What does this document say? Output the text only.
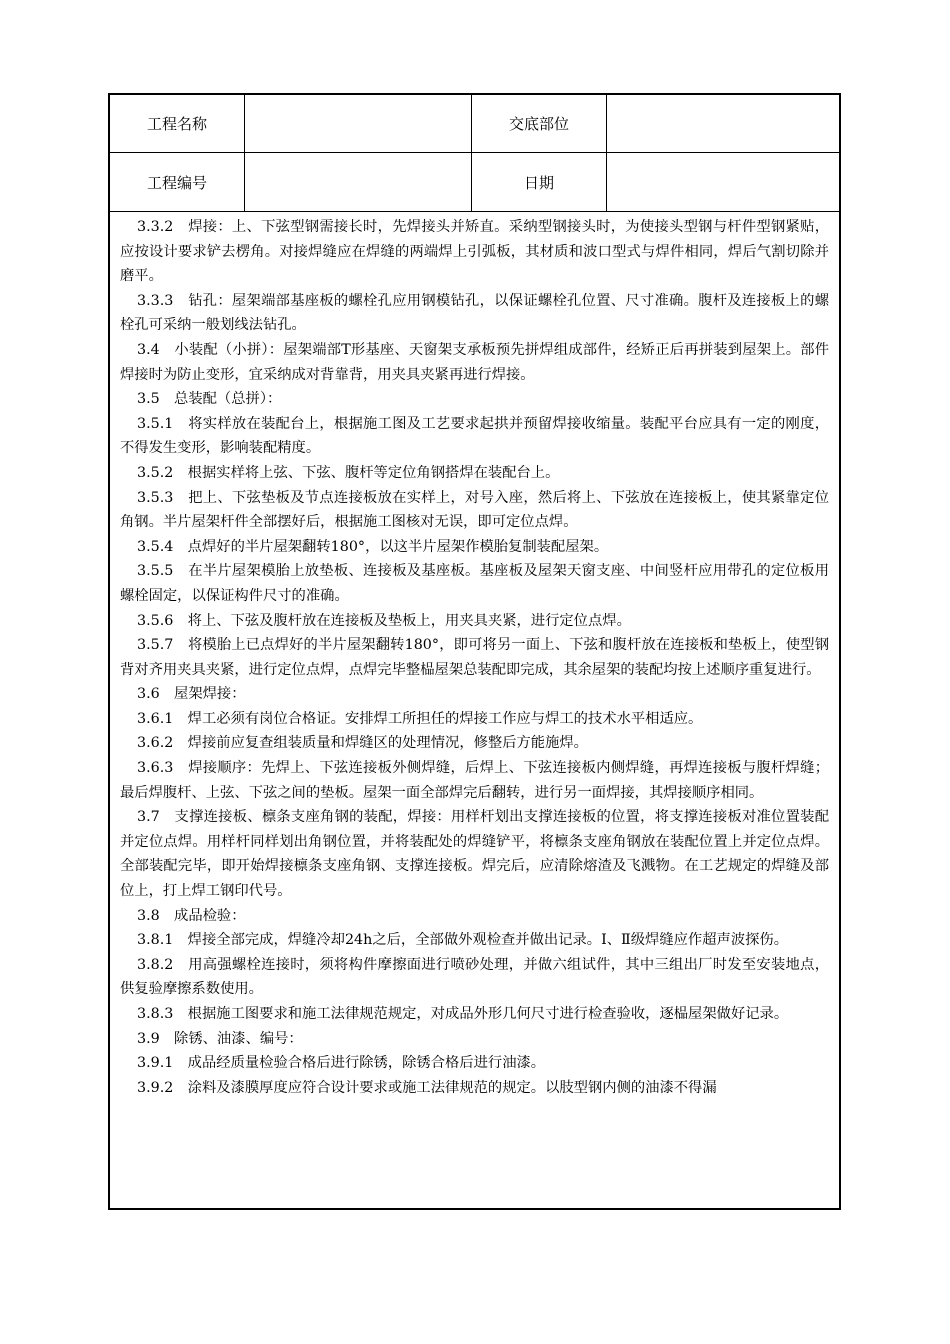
工程名称	交底部位
工程编号	日期

3.3.2　焊接：上、下弦型钢需接长时，先焊接头并矫直。采纳型钢接头时，为使接头型钢与杆件型钢紧贴，应按设计要求铲去楞角。对接焊缝应在焊缝的两端焊上引弧板，其材质和波口型式与焊件相同，焊后气割切除并磨平。

3.3.3　钻孔：屋架端部基座板的螺栓孔应用钢模钻孔，以保证螺栓孔位置、尺寸准确。腹杆及连接板上的螺栓孔可采纳一般划线法钻孔。

3.4　小装配（小拼）：屋架端部T形基座、天窗架支承板预先拼焊组成部件，经矫正后再拼装到屋架上。部件焊接时为防止变形，宜采纳成对背靠背，用夹具夹紧再进行焊接。

3.5　总装配（总拼）：

3.5.1　将实样放在装配台上，根据施工图及工艺要求起拱并预留焊接收缩量。装配平台应具有一定的刚度，不得发生变形，影响装配精度。

3.5.2　根据实样将上弦、下弦、腹杆等定位角钢搭焊在装配台上。

3.5.3　把上、下弦垫板及节点连接板放在实样上，对号入座，然后将上、下弦放在连接板上，使其紧靠定位角钢。半片屋架杆件全部摆好后，根据施工图核对无误，即可定位点焊。

3.5.4　点焊好的半片屋架翻转180°，以这半片屋架作模胎复制装配屋架。

3.5.5　在半片屋架模胎上放垫板、连接板及基座板。基座板及屋架天窗支座、中间竖杆应用带孔的定位板用螺栓固定，以保证构件尺寸的准确。

3.5.6　将上、下弦及腹杆放在连接板及垫板上，用夹具夹紧，进行定位点焊。

3.5.7　将模胎上已点焊好的半片屋架翻转180°，即可将另一面上、下弦和腹杆放在连接板和垫板上，使型钢背对齐用夹具夹紧，进行定位点焊，点焊完毕整榀屋架总装配即完成，其余屋架的装配均按上述顺序重复进行。

3.6　屋架焊接：

3.6.1　焊工必须有岗位合格证。安排焊工所担任的焊接工作应与焊工的技术水平相适应。

3.6.2　焊接前应复查组装质量和焊缝区的处理情况，修整后方能施焊。

3.6.3　焊接顺序：先焊上、下弦连接板外侧焊缝，后焊上、下弦连接板内侧焊缝，再焊连接板与腹杆焊缝；最后焊腹杆、上弦、下弦之间的垫板。屋架一面全部焊完后翻转，进行另一面焊接，其焊接顺序相同。

3.7　支撑连接板、檩条支座角钢的装配，焊接：用样杆划出支撑连接板的位置，将支撑连接板对准位置装配并定位点焊。用样杆同样划出角钢位置，并将装配处的焊缝铲平，将檩条支座角钢放在装配位置上并定位点焊。全部装配完毕，即开始焊接檩条支座角钢、支撑连接板。焊完后，应清除熔渣及飞溅物。在工艺规定的焊缝及部位上，打上焊工钢印代号。

3.8　成品检验：

3.8.1　焊接全部完成，焊缝冷却24h之后，全部做外观检查并做出记录。Ⅰ、Ⅱ级焊缝应作超声波探伤。

3.8.2　用高强螺栓连接时，须将构件摩擦面进行喷砂处理，并做六组试件，其中三组出厂时发至安装地点，供复验摩擦系数使用。

3.8.3　根据施工图要求和施工法律规范规定，对成品外形几何尺寸进行检查验收，逐榀屋架做好记录。

3.9　除锈、油漆、编号：

3.9.1　成品经质量检验合格后进行除锈，除锈合格后进行油漆。

3.9.2　涂料及漆膜厚度应符合设计要求或施工法律规范的规定。以肢型钢内侧的油漆不得漏
